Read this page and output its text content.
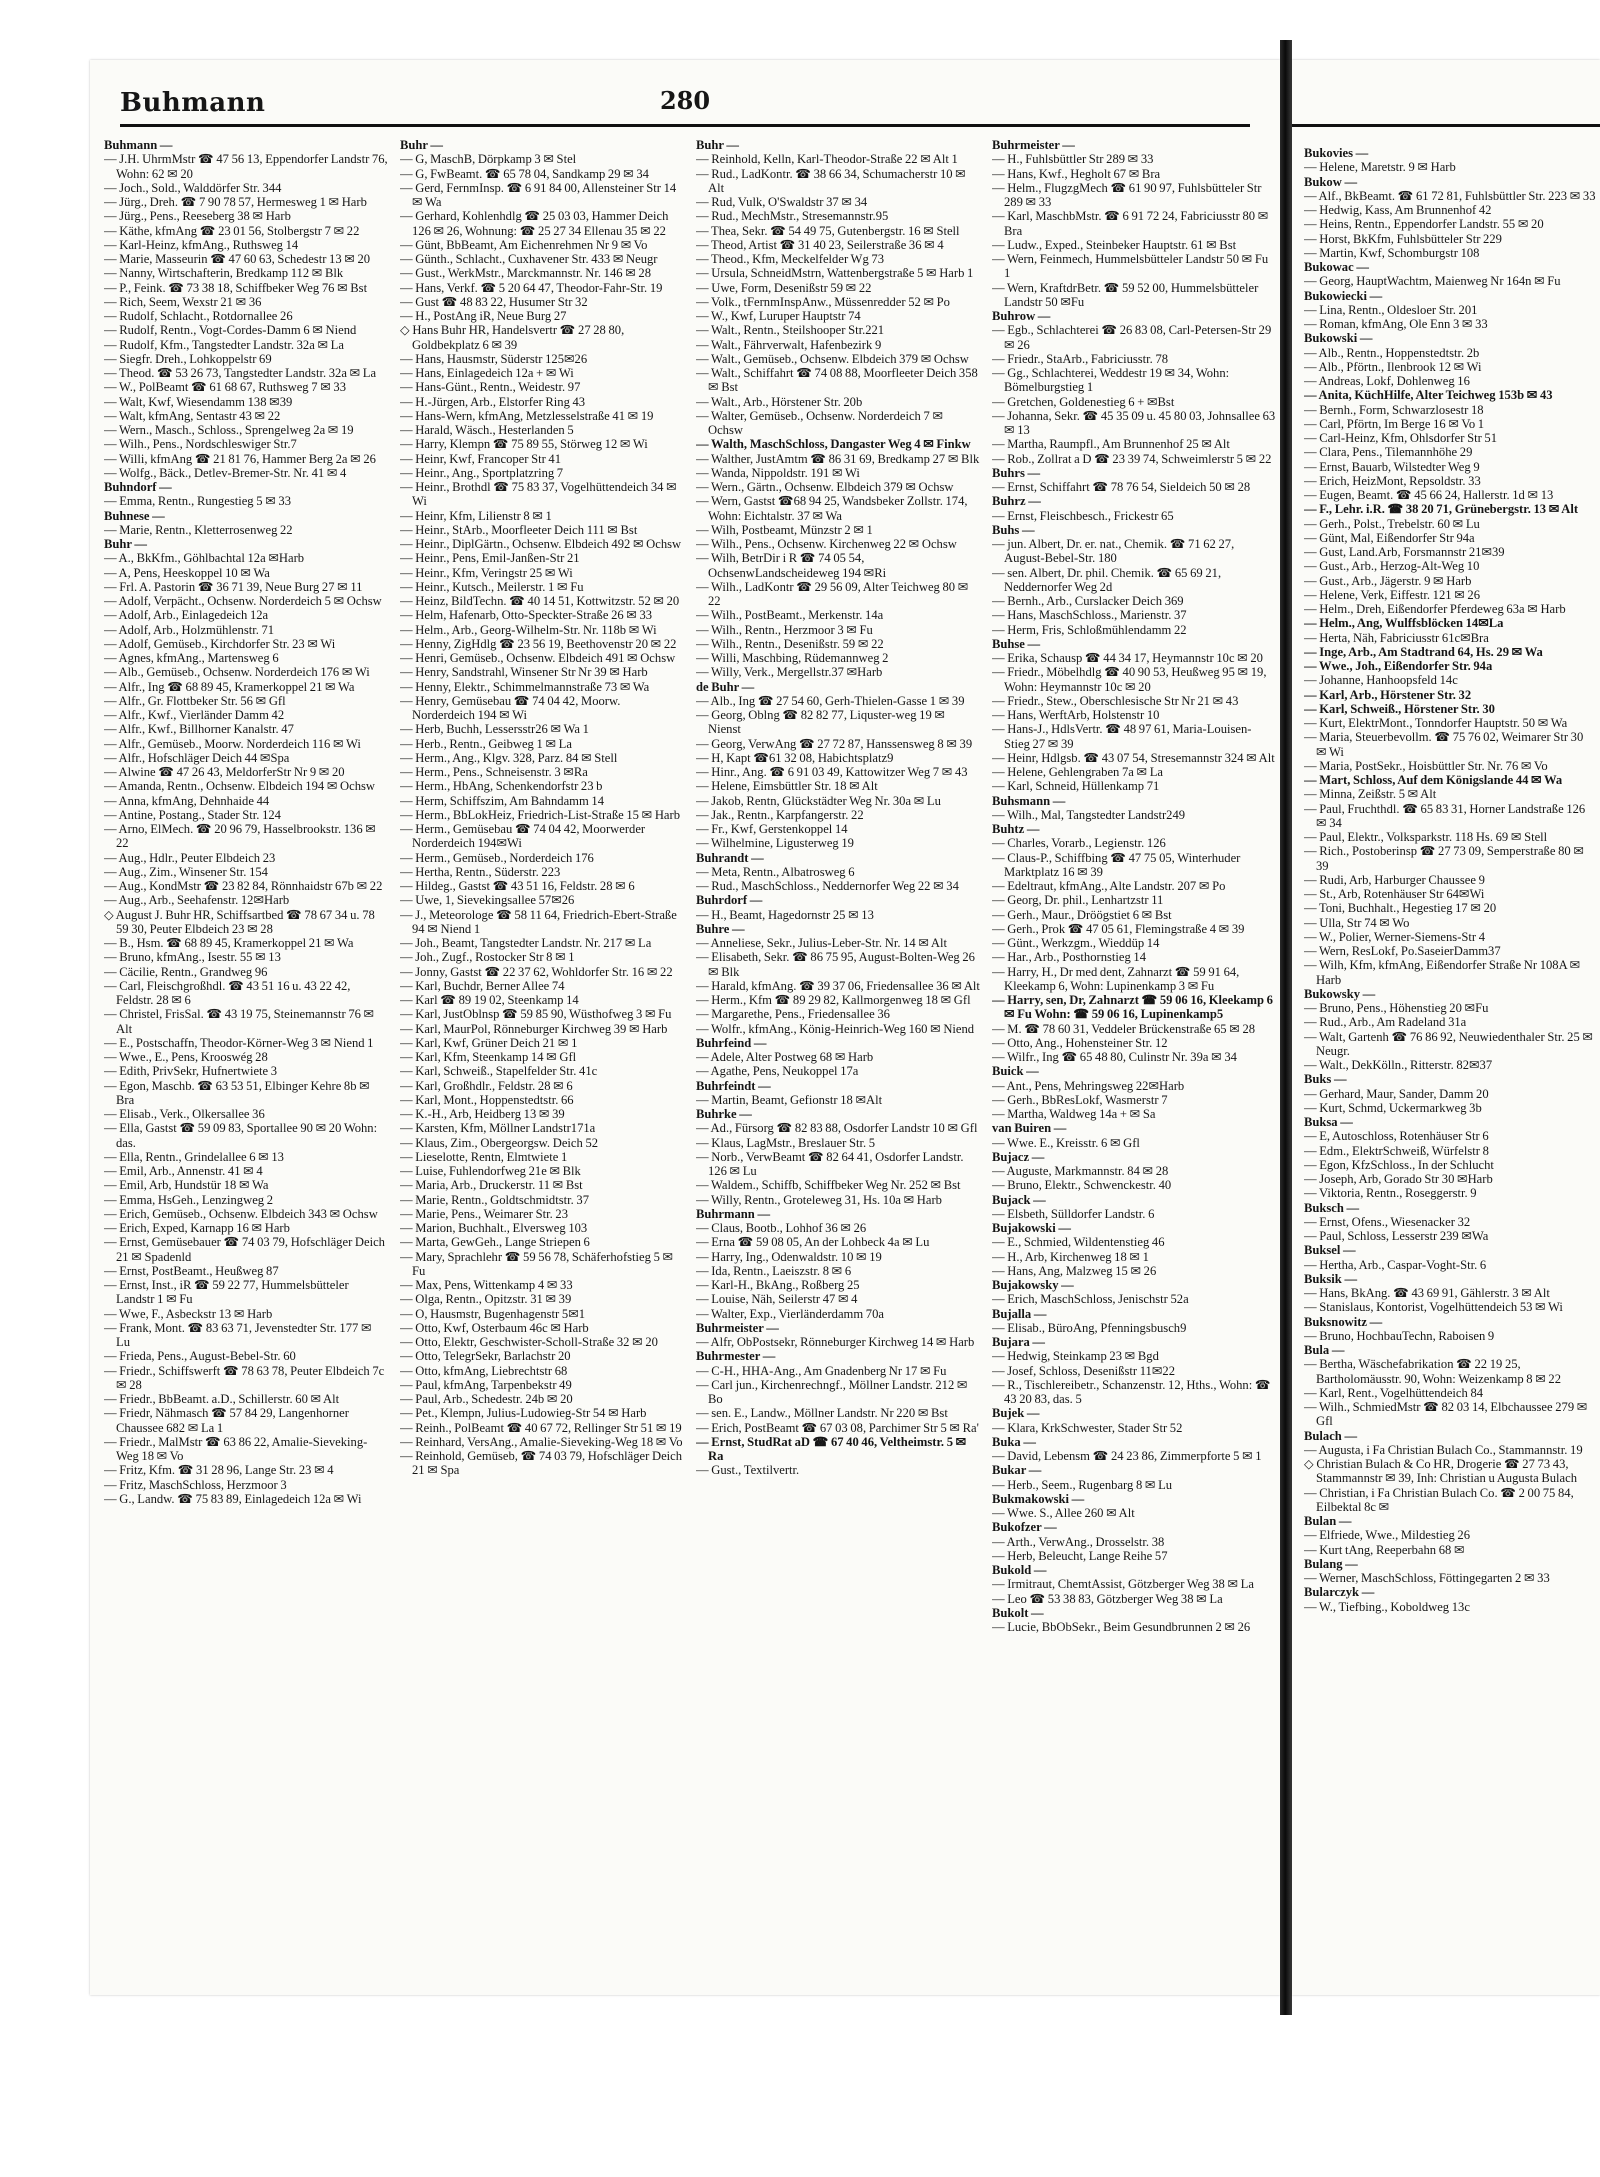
Buhmann	280
Buhmann —
— J.H. UhrmMstr ☎ 47 56 13, Eppendorfer Landstr 76, Wohn: 62 ✉ 20
— Joch., Sold., Walddörfer Str. 344
— Jürg., Dreh. ☎ 7 90 78 57, Hermesweg 1 ✉ Harb
— Jürg., Pens., Reeseberg 38 ✉ Harb
— Käthe, kfmAng ☎ 23 01 56, Stolbergstr 7 ✉ 22
— Karl-Heinz, kfmAng., Ruthsweg 14
— Marie, Masseurin ☎ 47 60 63, Schedestr 13 ✉ 20
— Nanny, Wirtschafterin, Bredkamp 112 ✉ Blk
— P., Feink. ☎ 73 38 18, Schiffbeker Weg 76 ✉ Bst
— Rich, Seem, Wexstr 21 ✉ 36
— Rudolf, Schlacht., Rotdornallee 26
— Rudolf, Rentn., Vogt-Cordes-Damm 6 ✉ Niend
— Rudolf, Kfm., Tangstedter Landstr. 32a ✉ La
— Siegfr. Dreh., Lohkoppelstr 69
— Theod. ☎ 53 26 73, Tangstedter Landstr. 32a ✉ La
— W., PolBeamt ☎ 61 68 67, Ruthsweg 7 ✉ 33
— Walt, Kwf, Wiesendamm 138 ✉39
— Walt, kfmAng, Sentastr 43 ✉ 22
— Wern., Masch., Schloss., Sprengelweg 2a ✉ 19
— Wilh., Pens., Nordschleswiger Str.7
— Willi, kfmAng ☎ 21 81 76, Hammer Berg 2a ✉ 26
— Wolfg., Bäck., Detlev-Bremer-Str. Nr. 41 ✉ 4
Buhndorf —
— Emma, Rentn., Rungestieg 5 ✉ 33
Buhnese —
— Marie, Rentn., Kletterrosenweg 22
Buhr —
— A., BkKfm., Göhlbachtal 12a ✉Harb
— A, Pens, Heeskoppel 10 ✉ Wa
— Frl. A. Pastorin ☎ 36 71 39, Neue Burg 27 ✉ 11
— Adolf, Verpächt., Ochsenw. Norderdeich 5 ✉ Ochsw
— Adolf, Arb., Einlagedeich 12a
— Adolf, Arb., Holzmühlenstr. 71
— Adolf, Gemüseb., Kirchdorfer Str. 23 ✉ Wi
— Agnes, kfmAng., Martensweg 6
— Alb., Gemüseb., Ochsenw. Norderdeich 176 ✉ Wi
— Alfr., Ing ☎ 68 89 45, Kramerkoppel 21 ✉ Wa
— Alfr., Gr. Flottbeker Str. 56 ✉ Gfl
— Alfr., Kwf., Vierländer Damm 42
— Alfr., Kwf., Billhorner Kanalstr. 47
— Alfr., Gemüseb., Moorw. Norderdeich 116 ✉ Wi
— Alfr., Hofschläger Deich 44 ✉Spa
— Alwine ☎ 47 26 43, MeldorferStr Nr 9 ✉ 20
— Amanda, Rentn., Ochsenw. Elbdeich 194 ✉ Ochsw
— Anna, kfmAng, Dehnhaide 44
— Antine, Postang., Stader Str. 124
— Arno, ElMech. ☎ 20 96 79, Hasselbrookstr. 136 ✉ 22
— Aug., Hdlr., Peuter Elbdeich 23
— Aug., Zim., Winsener Str. 154
— Aug., KondMstr ☎ 23 82 84, Rönnhaidstr 67b ✉ 22
— Aug., Arb., Seehafenstr. 12✉Harb
◇ August J. Buhr HR, Schiffsartbed ☎ 78 67 34 u. 78 59 30, Peuter Elbdeich 23 ✉ 28
— B., Hsm. ☎ 68 89 45, Kramerkoppel 21 ✉ Wa
— Bruno, kfmAng., Isestr. 55 ✉ 13
— Cäcilie, Rentn., Grandweg 96
— Carl, Fleischgroßhdl. ☎ 43 51 16 u. 43 22 42, Feldstr. 28 ✉ 6
— Christel, FrisSal. ☎ 43 19 75, Steinemannstr 76 ✉ Alt
— E., Postschaffn, Theodor-Körner-Weg 3 ✉ Niend 1
— Wwe., E., Pens, Krooswég 28
— Edith, PrivSekr, Hufnertwiete 3
— Egon, Maschb. ☎ 63 53 51, Elbinger Kehre 8b ✉ Bra
— Elisab., Verk., Olkersallee 36
— Ella, Gastst ☎ 59 09 83, Sportallee 90 ✉ 20 Wohn: das.
— Ella, Rentn., Grindelallee 6 ✉ 13
— Emil, Arb., Annenstr. 41 ✉ 4
— Emil, Arb, Hundstür 18 ✉ Wa
— Emma, HsGeh., Lenzingweg 2
— Erich, Gemüseb., Ochsenw. Elbdeich 343 ✉ Ochsw
— Erich, Exped, Karnapp 16 ✉ Harb
— Ernst, Gemüsebauer ☎ 74 03 79, Hofschläger Deich 21 ✉ Spadenld
— Ernst, PostBeamt., Heußweg 87
— Ernst, Inst., iR ☎ 59 22 77, Hummelsbütteler Landstr 1 ✉ Fu
— Wwe, F., Asbeckstr 13 ✉ Harb
— Frank, Mont. ☎ 83 63 71, Jevenstedter Str. 177 ✉ Lu
— Frieda, Pens., August-Bebel-Str. 60
— Friedr., Schiffswerft ☎ 78 63 78, Peuter Elbdeich 7c ✉ 28
— Friedr., BbBeamt. a.D., Schillerstr. 60 ✉ Alt
— Friedr, Nähmasch ☎ 57 84 29, Langenhorner Chaussee 682 ✉ La 1
— Friedr., MalMstr ☎ 63 86 22, Amalie-Sieveking-Weg 18 ✉ Vo
— Fritz, Kfm. ☎ 31 28 96, Lange Str. 23 ✉ 4
— Fritz, MaschSchloss, Herzmoor 3
— G., Landw. ☎ 75 83 89, Einlagedeich 12a ✉ Wi
Buhr —
— G, MaschB, Dörpkamp 3 ✉ Stel
— G, FwBeamt. ☎ 65 78 04, Sandkamp 29 ✉ 34
— Gerd, FernmInsp. ☎ 6 91 84 00, Allensteiner Str 14 ✉ Wa
— Gerhard, Kohlenhdlg ☎ 25 03 03, Hammer Deich 126 ✉ 26, Wohnung: ☎ 25 27 34 Ellenau 35 ✉ 22
— Günt, BbBeamt, Am Eichenrehmen Nr 9 ✉ Vo
— Günth., Schlacht., Cuxhavener Str. 433 ✉ Neugr
— Gust., WerkMstr., Marckmannstr. Nr. 146 ✉ 28
— Hans, Verkf. ☎ 5 20 64 47, Theodor-Fahr-Str. 19
— Gust ☎ 48 83 22, Husumer Str 32
— H., PostAng iR, Neue Burg 27
◇ Hans Buhr HR, Handelsvertr ☎ 27 28 80, Goldbekplatz 6 ✉ 39
— Hans, Hausmstr, Süderstr 125✉26
— Hans, Einlagedeich 12a + ✉ Wi
— Hans-Günt., Rentn., Weidestr. 97
— H.-Jürgen, Arb., Elstorfer Ring 43
— Hans-Wern, kfmAng, Metzlesselstraße 41 ✉ 19
— Harald, Wäsch., Hesterlanden 5
— Harry, Klempn ☎ 75 89 55, Störweg 12 ✉ Wi
— Heinr, Kwf, Francoper Str 41
— Heinr., Ang., Sportplatzring 7
— Heinr., Brothdl ☎ 75 83 37, Vogelhüttendeich 34 ✉ Wi
— Heinr, Kfm, Lilienstr 8 ✉ 1
— Heinr., StArb., Moorfleeter Deich 111 ✉ Bst
— Heinr., DiplGärtn., Ochsenw. Elbdeich 492 ✉ Ochsw
— Heinr., Pens, Emil-Janßen-Str 21
— Heinr., Kfm, Veringstr 25 ✉ Wi
— Heinr., Kutsch., Meilerstr. 1 ✉ Fu
— Heinz, BildTechn. ☎ 40 14 51, Kottwitzstr. 52 ✉ 20
— Helm, Hafenarb, Otto-Speckter-Straße 26 ✉ 33
— Helm., Arb., Georg-Wilhelm-Str. Nr. 118b ✉ Wi
— Henny, ZigHdlg ☎ 23 56 19, Beethovenstr 20 ✉ 22
— Henri, Gemüseb., Ochsenw. Elbdeich 491 ✉ Ochsw
— Henry, Sandstrahl, Winsener Str Nr 39 ✉ Harb
— Henny, Elektr., Schimmelmannstraße 73 ✉ Wa
— Henry, Gemüsebau ☎ 74 04 42, Moorw. Norderdeich 194 ✉ Wi
— Herb, Buchh, Lessersstr26 ✉ Wa 1
— Herb., Rentn., Geibweg 1 ✉ La
— Herm., Ang., Klgv. 328, Parz. 84 ✉ Stell
— Herm., Pens., Schneisenstr. 3 ✉Ra
— Herm., HbAng, Schenkendorfstr 23 b
— Herm, Schiffszim, Am Bahndamm 14
— Herm., BbLokHeiz, Friedrich-List-Straße 15 ✉ Harb
— Herm., Gemüsebau ☎ 74 04 42, Moorwerder Norderdeich 194✉Wi
— Herm., Gemüseb., Norderdeich 176
— Hertha, Rentn., Süderstr. 223
— Hildeg., Gastst ☎ 43 51 16, Feldstr. 28 ✉ 6
— Uwe, 1, Sievekingsallee 57✉26
— J., Meteorologe ☎ 58 11 64, Friedrich-Ebert-Straße 94 ✉ Niend 1
— Joh., Beamt, Tangstedter Landstr. Nr. 217 ✉ La
— Joh., Zugf., Rostocker Str 8 ✉ 1
— Jonny, Gastst ☎ 22 37 62, Wohldorfer Str. 16 ✉ 22
— Karl, Buchdr, Berner Allee 74
— Karl ☎ 89 19 02, Steenkamp 14
— Karl, JustOblnsp ☎ 59 85 90, Wüsthofweg 3 ✉ Fu
— Karl, MaurPol, Rönneburger Kirchweg 39 ✉ Harb
— Karl, Kwf, Grüner Deich 21 ✉ 1
— Karl, Kfm, Steenkamp 14 ✉ Gfl
— Karl, Schweiß., Stapelfelder Str. 41c
— Karl, Großhdlr., Feldstr. 28 ✉ 6
— Karl, Mont., Hoppenstedtstr. 66
— K.-H., Arb, Heidberg 13 ✉ 39
— Karsten, Kfm, Möllner Landstr171a
— Klaus, Zim., Obergeorgsw. Deich 52
— Lieselotte, Rentn, Elmtwiete 1
— Luise, Fuhlendorfweg 21e ✉ Blk
— Maria, Arb., Druckerstr. 11 ✉ Bst
— Marie, Rentn., Goldtschmidtstr. 37
— Marie, Pens., Weimarer Str. 23
— Marion, Buchhalt., Elversweg 103
— Marta, GewGeh., Lange Striepen 6
— Mary, Sprachlehr ☎ 59 56 78, Schäferhofstieg 5 ✉ Fu
— Max, Pens, Wittenkamp 4 ✉ 33
— Olga, Rentn., Opitzstr. 31 ✉ 39
— O, Hausmstr, Bugenhagenstr 5✉1
— Otto, Kwf, Osterbaum 46c ✉ Harb
— Otto, Elektr, Geschwister-Scholl-Straße 32 ✉ 20
— Otto, TelegrSekr, Barlachstr 20
— Otto, kfmAng, Liebrechtstr 68
— Paul, kfmAng, Tarpenbekstr 49
— Paul, Arb., Schedestr. 24b ✉ 20
— Pet., Klempn, Julius-Ludowieg-Str 54 ✉ Harb
— Reinh., PolBeamt ☎ 40 67 72, Rellinger Str 51 ✉ 19
— Reinhard, VersAng., Amalie-Sieveking-Weg 18 ✉ Vo
— Reinhold, Gemüseb, ☎ 74 03 79, Hofschläger Deich 21 ✉ Spa
Buhr —
— Reinhold, Kelln, Karl-Theodor-Straße 22 ✉ Alt 1
— Rud., LadKontr. ☎ 38 66 34, Schumacherstr 10 ✉ Alt
— Rud, Vulk, O'Swaldstr 37 ✉ 34
— Rud., MechMstr., Stresemannstr.95
— Thea, Sekr. ☎ 54 49 75, Gutenbergstr. 16 ✉ Stell
— Theod, Artist ☎ 31 40 23, Seilerstraße 36 ✉ 4
— Theod., Kfm, Meckelfelder Wg 73
— Ursula, SchneidMstrn, Wattenbergstraße 5 ✉ Harb 1
— Uwe, Form, Desenißstr 59 ✉ 22
— Volk., tFernmInspAnw., Müssenredder 52 ✉ Po
— W., Kwf, Luruper Hauptstr 74
— Walt., Rentn., Steilshooper Str.221
— Walt., Fährverwalt, Hafenbezirk 9
— Walt., Gemüseb., Ochsenw. Elbdeich 379 ✉ Ochsw
— Walt., Schiffahrt ☎ 74 08 88, Moorfleeter Deich 358 ✉ Bst
— Walt., Arb., Hörstener Str. 20b
— Walter, Gemüseb., Ochsenw. Norderdeich 7 ✉ Ochsw
— Walth, MaschSchloss, Dangaster Weg 4 ✉ Finkw
— Walther, JustAmtm ☎ 86 31 69, Bredkamp 27 ✉ Blk
— Wanda, Nippoldstr. 191 ✉ Wi
— Wern., Gärtn., Ochsenw. Elbdeich 379 ✉ Ochsw
— Wern, Gastst ☎68 94 25, Wandsbeker Zollstr. 174, Wohn: Eichtalstr. 37 ✉ Wa
— Wilh, Postbeamt, Münzstr 2 ✉ 1
— Wilh., Pens., Ochsenw. Kirchenweg 22 ✉ Ochsw
— Wilh, BetrDir i R ☎ 74 05 54, OchsenwLandscheideweg 194 ✉Ri
— Wilh., LadKontr ☎ 29 56 09, Alter Teichweg 80 ✉ 22
— Wilh., PostBeamt., Merkenstr. 14a
— Wilh., Rentn., Herzmoor 3 ✉ Fu
— Wilh., Rentn., Desenißstr. 59 ✉ 22
— Willi, Maschbing, Rüdemannweg 2
— Willy, Verk., Mergellstr.37 ✉Harb
de Buhr —
— Alb., Ing ☎ 27 54 60, Gerh-Thielen-Gasse 1 ✉ 39
— Georg, Oblng ☎ 82 82 77, Liquster-weg 19 ✉ Nienst
— Georg, VerwAng ☎ 27 72 87, Hanssensweg 8 ✉ 39
— H, Kapt ☎61 32 08, Habichtsplatz9
— Hinr., Ang. ☎ 6 91 03 49, Kattowitzer Weg 7 ✉ 43
— Helene, Eimsbüttler Str. 18 ✉ Alt
— Jakob, Rentn, Glückstädter Weg Nr. 30a ✉ Lu
— Jak., Rentn., Karpfangerstr. 22
— Fr., Kwf, Gerstenkoppel 14
— Wilhelmine, Ligusterweg 19
Buhrandt —
— Meta, Rentn., Albatrosweg 6
— Rud., MaschSchloss., Neddernorfer Weg 22 ✉ 34
Buhrdorf —
— H., Beamt, Hagedornstr 25 ✉ 13
Buhre —
— Anneliese, Sekr., Julius-Leber-Str. Nr. 14 ✉ Alt
— Elisabeth, Sekr. ☎ 86 75 95, August-Bolten-Weg 26 ✉ Blk
— Harald, kfmAng. ☎ 39 37 06, Friedensallee 36 ✉ Alt
— Herm., Kfm ☎ 89 29 82, Kallmorgenweg 18 ✉ Gfl
— Margarethe, Pens., Friedensallee 36
— Wolfr., kfmAng., König-Heinrich-Weg 160 ✉ Niend
Buhrfeind —
— Adele, Alter Postweg 68 ✉ Harb
— Agathe, Pens, Neukoppel 17a
Buhrfeindt —
— Martin, Beamt, Gefionstr 18 ✉Alt
Buhrke —
— Ad., Fürsorg ☎ 82 83 88, Osdorfer Landstr 10 ✉ Gfl
— Klaus, LagMstr., Breslauer Str. 5
— Norb., VerwBeamt ☎ 82 64 41, Osdorfer Landstr. 126 ✉ Lu
— Waldem., Schiffb, Schiffbeker Weg Nr. 252 ✉ Bst
— Willy, Rentn., Groteleweg 31, Hs. 10a ✉ Harb
Buhrmann —
— Claus, Bootb., Lohhof 36 ✉ 26
— Erna ☎ 59 08 05, An der Lohbeck 4a ✉ Lu
— Harry, Ing., Odenwaldstr. 10 ✉ 19
— Ida, Rentn., Laeiszstr. 8 ✉ 6
— Karl-H., BkAng., Roßberg 25
— Louise, Näh, Seilerstr 47 ✉ 4
— Walter, Exp., Vierländerdamm 70a
Buhrmeister —
— Alfr, ObPostsekr, Rönneburger Kirchweg 14 ✉ Harb
Buhrmester —
— C-H., HHA-Ang., Am Gnadenberg Nr 17 ✉ Fu
— Carl jun., Kirchenrechngf., Möllner Landstr. 212 ✉ Bo
— sen. E., Landw., Möllner Landstr. Nr 220 ✉ Bst
— Erich, PostBeamt ☎ 67 03 08, Parchimer Str 5 ✉ Ra'
— Ernst, StudRat aD ☎ 67 40 46, Veltheimstr. 5 ✉ Ra
— Gust., Textilvertr.
Buhrmeister —
— H., Fuhlsbüttler Str 289 ✉ 33
— Hans, Kwf., Hegholt 67 ✉ Bra
— Helm., FlugzgMech ☎ 61 90 97, Fuhlsbütteler Str 289 ✉ 33
— Karl, MaschbMstr. ☎ 6 91 72 24, Fabriciusstr 80 ✉ Bra
— Ludw., Exped., Steinbeker Hauptstr. 61 ✉ Bst
— Wern, Feinmech, Hummelsbütteler Landstr 50 ✉ Fu 1
— Wern, KraftdrBetr. ☎ 59 52 00, Hummelsbütteler Landstr 50 ✉Fu
Buhrow —
— Egb., Schlachterei ☎ 26 83 08, Carl-Petersen-Str 29 ✉ 26
— Friedr., StaArb., Fabriciusstr. 78
— Gg., Schlachterei, Weddestr 19 ✉ 34, Wohn: Bömelburgstieg 1
— Gretchen, Goldenestieg 6 + ✉Bst
— Johanna, Sekr. ☎ 45 35 09 u. 45 80 03, Johnsallee 63 ✉ 13
— Martha, Raumpfl., Am Brunnenhof 25 ✉ Alt
— Rob., Zollrat a D ☎ 23 39 74, Schweimlerstr 5 ✉ 22
Buhrs —
— Ernst, Schiffahrt ☎ 78 76 54, Sieldeich 50 ✉ 28
Buhrz —
— Ernst, Fleischbesch., Frickestr 65
Buhs —
— jun. Albert, Dr. er. nat., Chemik. ☎ 71 62 27, August-Bebel-Str. 180
— sen. Albert, Dr. phil. Chemik. ☎ 65 69 21, Neddernorfer Weg 2d
— Bernh., Arb., Curslacker Deich 369
— Hans, MaschSchloss., Marienstr. 37
— Herm, Fris, Schloßmühlendamm 22
Buhse —
— Erika, Schausp ☎ 44 34 17, Heymannstr 10c ✉ 20
— Friedr., Möbelhdlg ☎ 40 90 53, Heußweg 95 ✉ 19, Wohn: Heymannstr 10c ✉ 20
— Friedr., Stew., Oberschlesische Str Nr 21 ✉ 43
— Hans, WerftArb, Holstenstr 10
— Hans-J., HdlsVertr. ☎ 48 97 61, Maria-Louisen-Stieg 27 ✉ 39
— Heinr, Hdlgsb. ☎ 43 07 54, Stresemannstr 324 ✉ Alt
— Helene, Gehlengraben 7a ✉ La
— Karl, Schneid, Hüllenkamp 71
Buhsmann —
— Wilh., Mal, Tangstedter Landstr249
Buhtz —
— Charles, Vorarb., Legienstr. 126
— Claus-P., Schiffbing ☎ 47 75 05, Winterhuder Marktplatz 16 ✉ 39
— Edeltraut, kfmAng., Alte Landstr. 207 ✉ Po
— Georg, Dr. phil., Lenhartzstr 11
— Gerh., Maur., Dröögstiet 6 ✉ Bst
— Gerh., Prok ☎ 47 05 61, Flemingstraße 4 ✉ 39
— Günt., Werkzgm., Wieddüp 14
— Har., Arb., Posthornstieg 14
— Harry, H., Dr med dent, Zahnarzt ☎ 59 91 64, Kleekamp 6, Wohn: Lupinenkamp 3 ✉ Fu
— Harry, sen, Dr, Zahnarzt ☎ 59 06 16, Kleekamp 6 ✉ Fu Wohn: ☎ 59 06 16, Lupinenkamp5
— M. ☎ 78 60 31, Veddeler Brückenstraße 65 ✉ 28
— Otto, Ang., Hohensteiner Str. 12
— Wilfr., Ing ☎ 65 48 80, Culinstr Nr. 39a ✉ 34
Buick —
— Ant., Pens, Mehringsweg 22✉Harb
— Gerh., BbResLokf, Wasmerstr 7
— Martha, Waldweg 14a + ✉ Sa
van Buiren —
— Wwe. E., Kreisstr. 6 ✉ Gfl
Bujacz —
— Auguste, Markmannstr. 84 ✉ 28
— Bruno, Elektr., Schwenckestr. 40
Bujack —
— Elsbeth, Sülldorfer Landstr. 6
Bujakowski —
— E., Schmied, Wildentenstieg 46
— H., Arb, Kirchenweg 18 ✉ 1
— Hans, Ang, Malzweg 15 ✉ 26
Bujakowsky —
— Erich, MaschSchloss, Jenischstr 52a
Bujalla —
— Elisab., BüroAng, Pfenningsbusch9
Bujara —
— Hedwig, Steinkamp 23 ✉ Bgd
— Josef, Schloss, Desenißstr 11✉22
— R., Tischlereibetr., Schanzenstr. 12, Hths., Wohn: ☎ 43 20 83, das. 5
Bujek —
— Klara, KrkSchwester, Stader Str 52
Buka —
— David, Lebensm ☎ 24 23 86, Zimmerpforte 5 ✉ 1
Bukar —
— Herb., Seem., Rugenbarg 8 ✉ Lu
Bukmakowski —
— Wwe. S., Allee 260 ✉ Alt
Bukofzer —
— Arth., VerwAng., Drosselstr. 38
— Herb, Beleucht, Lange Reihe 57
Bukold —
— Irmitraut, ChemtAssist, Götzberger Weg 38 ✉ La
— Leo ☎ 53 38 83, Götzberger Weg 38 ✉ La
Bukolt —
— Lucie, BbObSekr., Beim Gesundbrunnen 2 ✉ 26
Bukovies —
— Helene, Maretstr. 9 ✉ Harb
Bukow —
— Alf., BkBeamt. ☎ 61 72 81, Fuhlsbüttler Str. 223 ✉ 33
— Hedwig, Kass, Am Brunnenhof 42
— Heins, Rentn., Eppendorfer Landstr. 55 ✉ 20
— Horst, BkKfm, Fuhlsbütteler Str 229
— Martin, Kwf, Schomburgstr 108
Bukowac —
— Georg, HauptWachtm, Maienweg Nr 164n ✉ Fu
Bukowiecki —
— Lina, Rentn., Oldesloer Str. 201
— Roman, kfmAng, Ole Enn 3 ✉ 33
Bukowski —
— Alb., Rentn., Hoppenstedtstr. 2b
— Alb., Pförtn., Ilenbrook 12 ✉ Wi
— Andreas, Lokf, Dohlenweg 16
— Anita, KüchHilfe, Alter Teichweg 153b ✉ 43
— Bernh., Form, Schwarzlosestr 18
— Carl, Pförtn, Im Berge 16 ✉ Vo 1
— Carl-Heinz, Kfm, Ohlsdorfer Str 51
— Clara, Pens., Tilemannhöhe 29
— Ernst, Bauarb, Wilstedter Weg 9
— Erich, HeizMont, Repsoldstr. 33
— Eugen, Beamt. ☎ 45 66 24, Hallerstr. 1d ✉ 13
— F., Lehr. i.R. ☎ 38 20 71, Grünebergstr. 13 ✉ Alt
— Gerh., Polst., Trebelstr. 60 ✉ Lu
— Günt, Mal, Eißendorfer Str 94a
— Gust, Land.Arb, Forsmannstr 21✉39
— Gust., Arb., Herzog-Alt-Weg 10
— Gust., Arb., Jägerstr. 9 ✉ Harb
— Helene, Verk, Eiffestr. 121 ✉ 26
— Helm., Dreh, Eißendorfer Pferdeweg 63a ✉ Harb
— Helm., Ang, Wulffsblöcken 14✉La
— Herta, Näh, Fabriciusstr 61c✉Bra
— Inge, Arb., Am Stadtrand 64, Hs. 29 ✉ Wa
— Wwe., Joh., Eißendorfer Str. 94a
— Johanne, Hanhoopsfeld 14c
— Karl, Arb., Hörstener Str. 32
— Karl, Schweiß., Hörstener Str. 30
— Kurt, ElektrMont., Tonndorfer Hauptstr. 50 ✉ Wa
— Maria, Steuerbevollm. ☎ 75 76 02, Weimarer Str 30 ✉ Wi
— Maria, PostSekr., Hoisbüttler Str. Nr. 76 ✉ Vo
— Mart, Schloss, Auf dem Königslande 44 ✉ Wa
— Minna, Zeißstr. 5 ✉ Alt
— Paul, Fruchthdl. ☎ 65 83 31, Horner Landstraße 126 ✉ 34
— Paul, Elektr., Volksparkstr. 118 Hs. 69 ✉ Stell
— Rich., Postoberinsp ☎ 27 73 09, Semperstraße 80 ✉ 39
— Rudi, Arb, Harburger Chaussee 9
— St., Arb, Rotenhäuser Str 64✉Wi
— Toni, Buchhalt., Hegestieg 17 ✉ 20
— Ulla, Str 74 ✉ Wo
— W., Polier, Werner-Siemens-Str 4
— Wern, ResLokf, Po.SaseierDamm37
— Wilh, Kfm, kfmAng, Eißendorfer Straße Nr 108A ✉ Harb
Bukowsky —
— Bruno, Pens., Höhenstieg 20 ✉Fu
— Rud., Arb., Am Radeland 31a
— Walt, Gartenh ☎ 76 86 92, Neuwiedenthaler Str. 25 ✉ Neugr.
— Walt., DekKölln., Ritterstr. 82✉37
Buks —
— Gerhard, Maur, Sander, Damm 20
— Kurt, Schmd, Uckermarkweg 3b
Buksa —
— E, Autoschloss, Rotenhäuser Str 6
— Edm., ElektrSchweiß, Würfelstr 8
— Egon, KfzSchloss., In der Schlucht
— Joseph, Arb, Gorado Str 30 ✉Harb
— Viktoria, Rentn., Roseggerstr. 9
Buksch —
— Ernst, Ofens., Wiesenacker 32
— Paul, Schloss, Lesserstr 239 ✉Wa
Buksel —
— Hertha, Arb., Caspar-Voght-Str. 6
Buksik —
— Hans, BkAng. ☎ 43 69 91, Gählerstr. 3 ✉ Alt
— Stanislaus, Kontorist, Vogelhüttendeich 53 ✉ Wi
Buksnowitz —
— Bruno, HochbauTechn, Raboisen 9
Bula —
— Bertha, Wäschefabrikation ☎ 22 19 25, Bartholomäusstr. 90, Wohn: Weizenkamp 8 ✉ 22
— Karl, Rent., Vogelhüttendeich 84
— Wilh., SchmiedMstr ☎ 82 03 14, Elbchaussee 279 ✉ Gfl
Bulach —
— Augusta, i Fa Christian Bulach Co., Stammannstr. 19
◇ Christian Bulach & Co HR, Drogerie ☎ 27 73 43, Stammannstr ✉ 39, Inh: Christian u Augusta Bulach
— Christian, i Fa Christian Bulach Co. ☎ 2 00 75 84, Eilbektal 8c ✉
Bulan —
— Elfriede, Wwe., Mildestieg 26
— Kurt tAng, Reeperbahn 68 ✉
Bulang —
— Werner, MaschSchloss, Föttingegarten 2 ✉ 33
Bularczyk —
— W., Tiefbing., Koboldweg 13c
